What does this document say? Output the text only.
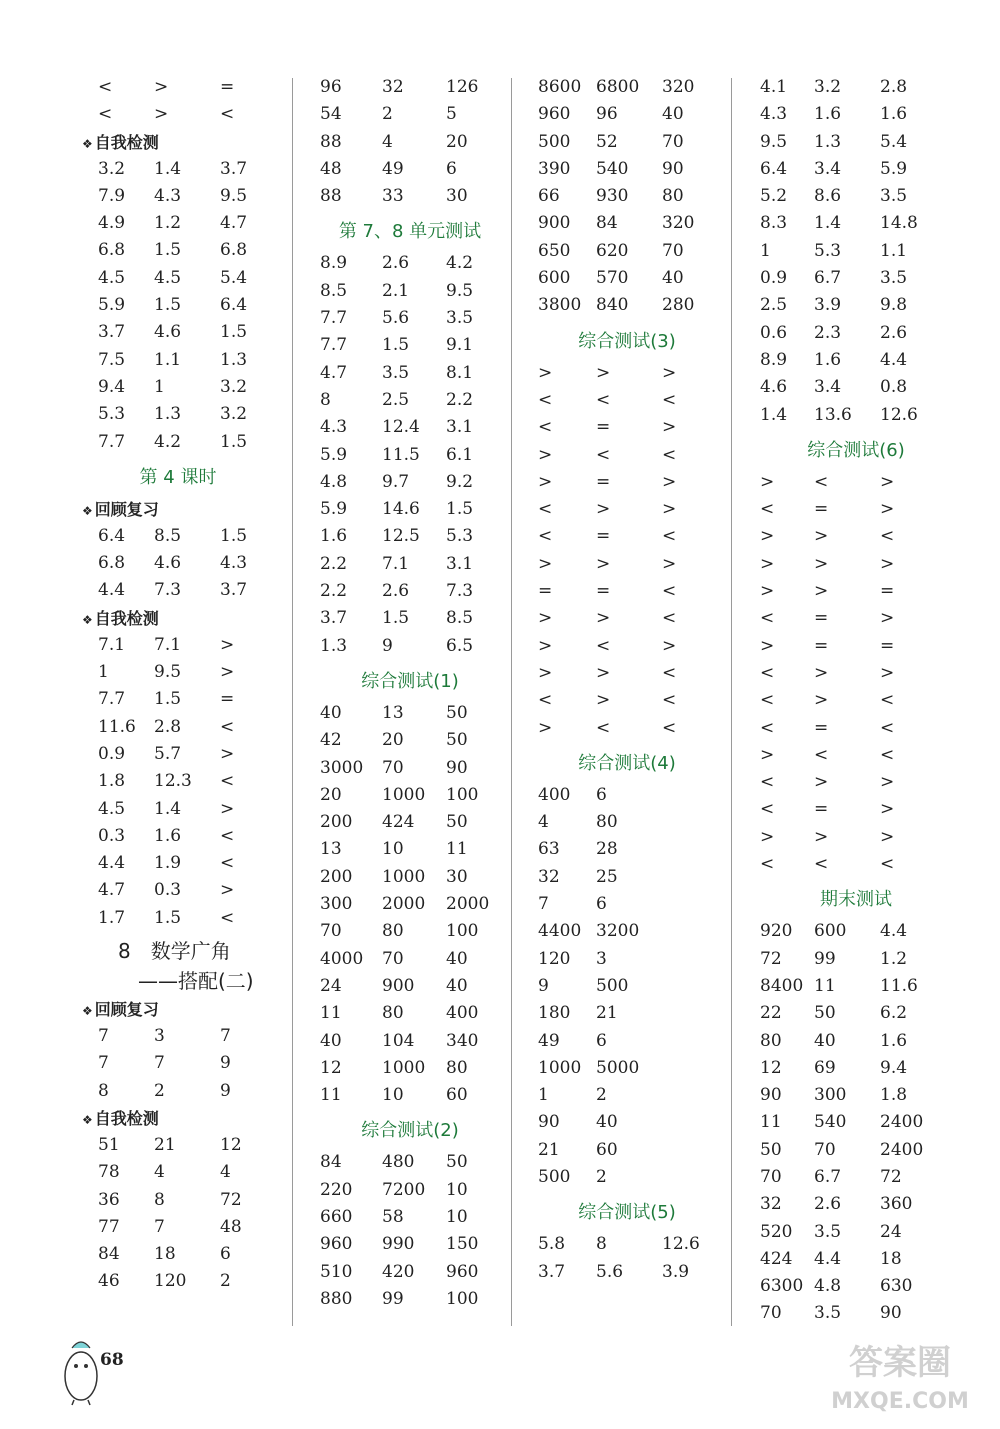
<	>	=
<	>	<
❖ 自我检测
3.2	1.4	3.7
7.9	4.3	9.5
4.9	1.2	4.7
6.8	1.5	6.8
4.5	4.5	5.4
5.9	1.5	6.4
3.7	4.6	1.5
7.5	1.1	1.3
9.4	1	3.2
5.3	1.3	3.2
7.7	4.2	1.5
第 4 课时
❖ 回顾复习
6.4	8.5	1.5
6.8	4.6	4.3
4.4	7.3	3.7
❖ 自我检测
7.1	7.1	>
1	9.5	>
7.7	1.5	=
11.6	2.8	<
0.9	5.7	>
1.8	12.3	<
4.5	1.4	>
0.3	1.6	<
4.4	1.9	<
4.7	0.3	>
1.7	1.5	<
8　数学广角
——搭配(二)
❖ 回顾复习
7	3	7
7	7	9
8	2	9
❖ 自我检测
51	21	12
78	4	4
36	8	72
77	7	48
84	18	6
46	120	2
96	32	126
54	2	5
88	4	20
48	49	6
88	33	30
第 7、8 单元测试
8.9	2.6	4.2
8.5	2.1	9.5
7.7	5.6	3.5
7.7	1.5	9.1
4.7	3.5	8.1
8	2.5	2.2
4.3	12.4	3.1
5.9	11.5	6.1
4.8	9.7	9.2
5.9	14.6	1.5
1.6	12.5	5.3
2.2	7.1	3.1
2.2	2.6	7.3
3.7	1.5	8.5
1.3	9	6.5
综合测试(1)
40	13	50
42	20	50
3000	70	90
20	1000	100
200	424	50
13	10	11
200	1000	30
300	2000	2000
70	80	100
4000	70	40
24	900	40
11	80	400
40	104	340
12	1000	80
11	10	60
综合测试(2)
84	480	50
220	7200	10
660	58	10
960	990	150
510	420	960
880	99	100
8600 6800	320
960	96	40
500	52	70
390	540	90
66	930	80
900	84	320
650	620	70
600	570	40
3800 840	280
综合测试(3)
>	>	>
<	<	<
<	=	>
>	<	<
>	=	>
<	>	>
<	=	<
>	>	>
=	=	<
>	>	<
>	<	>
>	>	<
<	>	<
>	<	<
综合测试(4)
400	6
4	80
63	28
32	25
7	6
4400 3200
120	3
9	500
180	21
49	6
1000 5000
1	2
90	40
21	60
500	2
综合测试(5)
5.8	8	12.6
3.7	5.6	3.9
4.1	3.2	2.8
4.3	1.6	1.6
9.5	1.3	5.4
6.4	3.4	5.9
5.2	8.6	3.5
8.3	1.4	14.8
1	5.3	1.1
0.9	6.7	3.5
2.5	3.9	9.8
0.6	2.3	2.6
8.9	1.6	4.4
4.6	3.4	0.8
1.4	13.6	12.6
综合测试(6)
>	<	>
<	=	>
>	>	<
>	>	>
>	>	=
<	=	>
>	=	=
<	>	>
<	>	<
<	=	<
>	<	<
<	>	>
<	=	>
>	>	>
<	<	<
期末测试
920	600	4.4
72	99	1.2
8400 11	11.6
22	50	6.2
80	40	1.6
12	69	9.4
90	300	1.8
11	540	2400
50	70	2400
70	6.7	72
32	2.6	360
520	3.5	24
424	4.4	18
6300 4.8	630
70	3.5	90
68	答案圈
MXQE.COM
